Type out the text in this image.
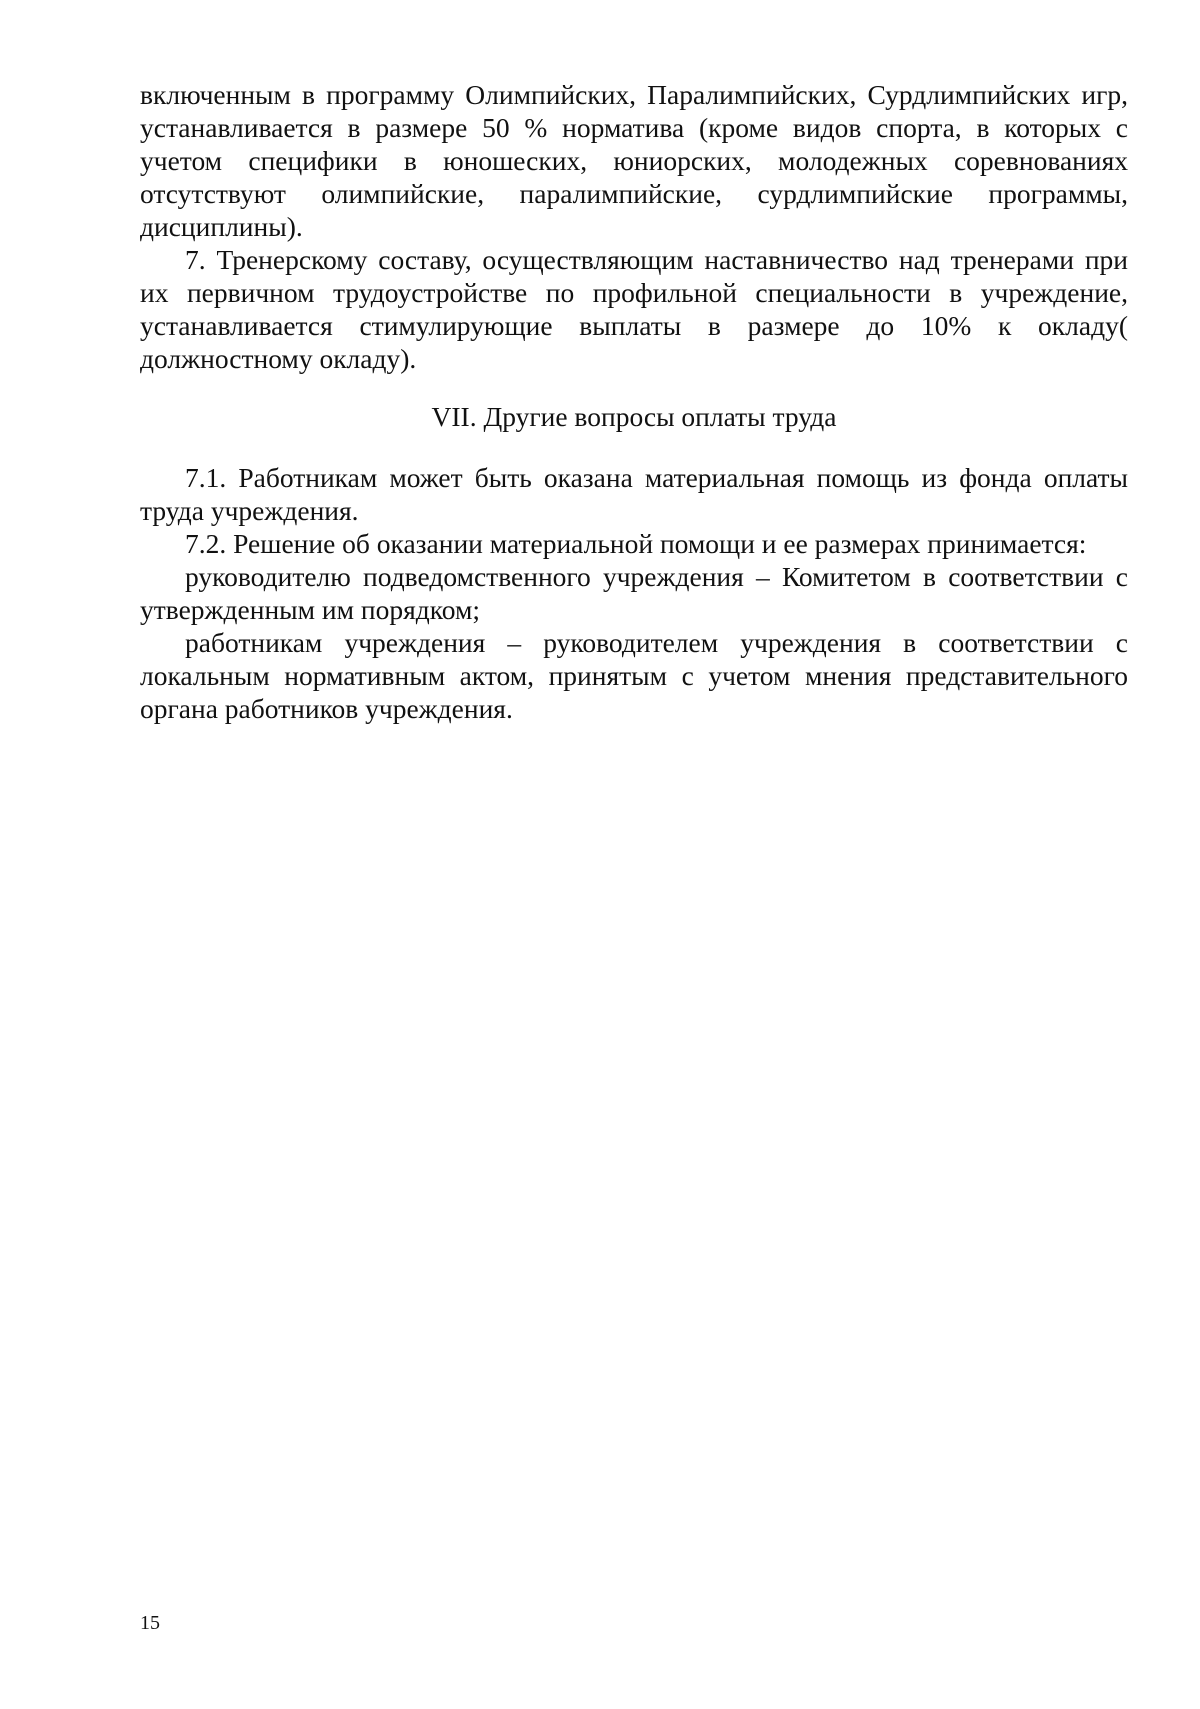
включенным в программу Олимпийских, Паралимпийских, Сурдлимпийских игр, устанавливается в размере 50 % норматива (кроме видов спорта, в которых с учетом специфики в юношеских, юниорских, молодежных соревнованиях отсутствуют олимпийские, паралимпийские, сурдлимпийские программы, дисциплины).

7. Тренерскому составу, осуществляющим наставничество над тренерами при их первичном трудоустройстве по профильной специальности в учреждение, устанавливается стимулирующие выплаты в размере до 10% к окладу( должностному окладу).

VII. Другие вопросы оплаты труда

7.1. Работникам может быть оказана материальная помощь из фонда оплаты труда учреждения.

7.2. Решение об оказании материальной помощи и ее размерах принимается:

руководителю подведомственного учреждения – Комитетом в соответствии с утвержденным им порядком;

работникам учреждения – руководителем учреждения в соответствии с локальным нормативным актом, принятым с учетом мнения представительного органа работников учреждения.

15
